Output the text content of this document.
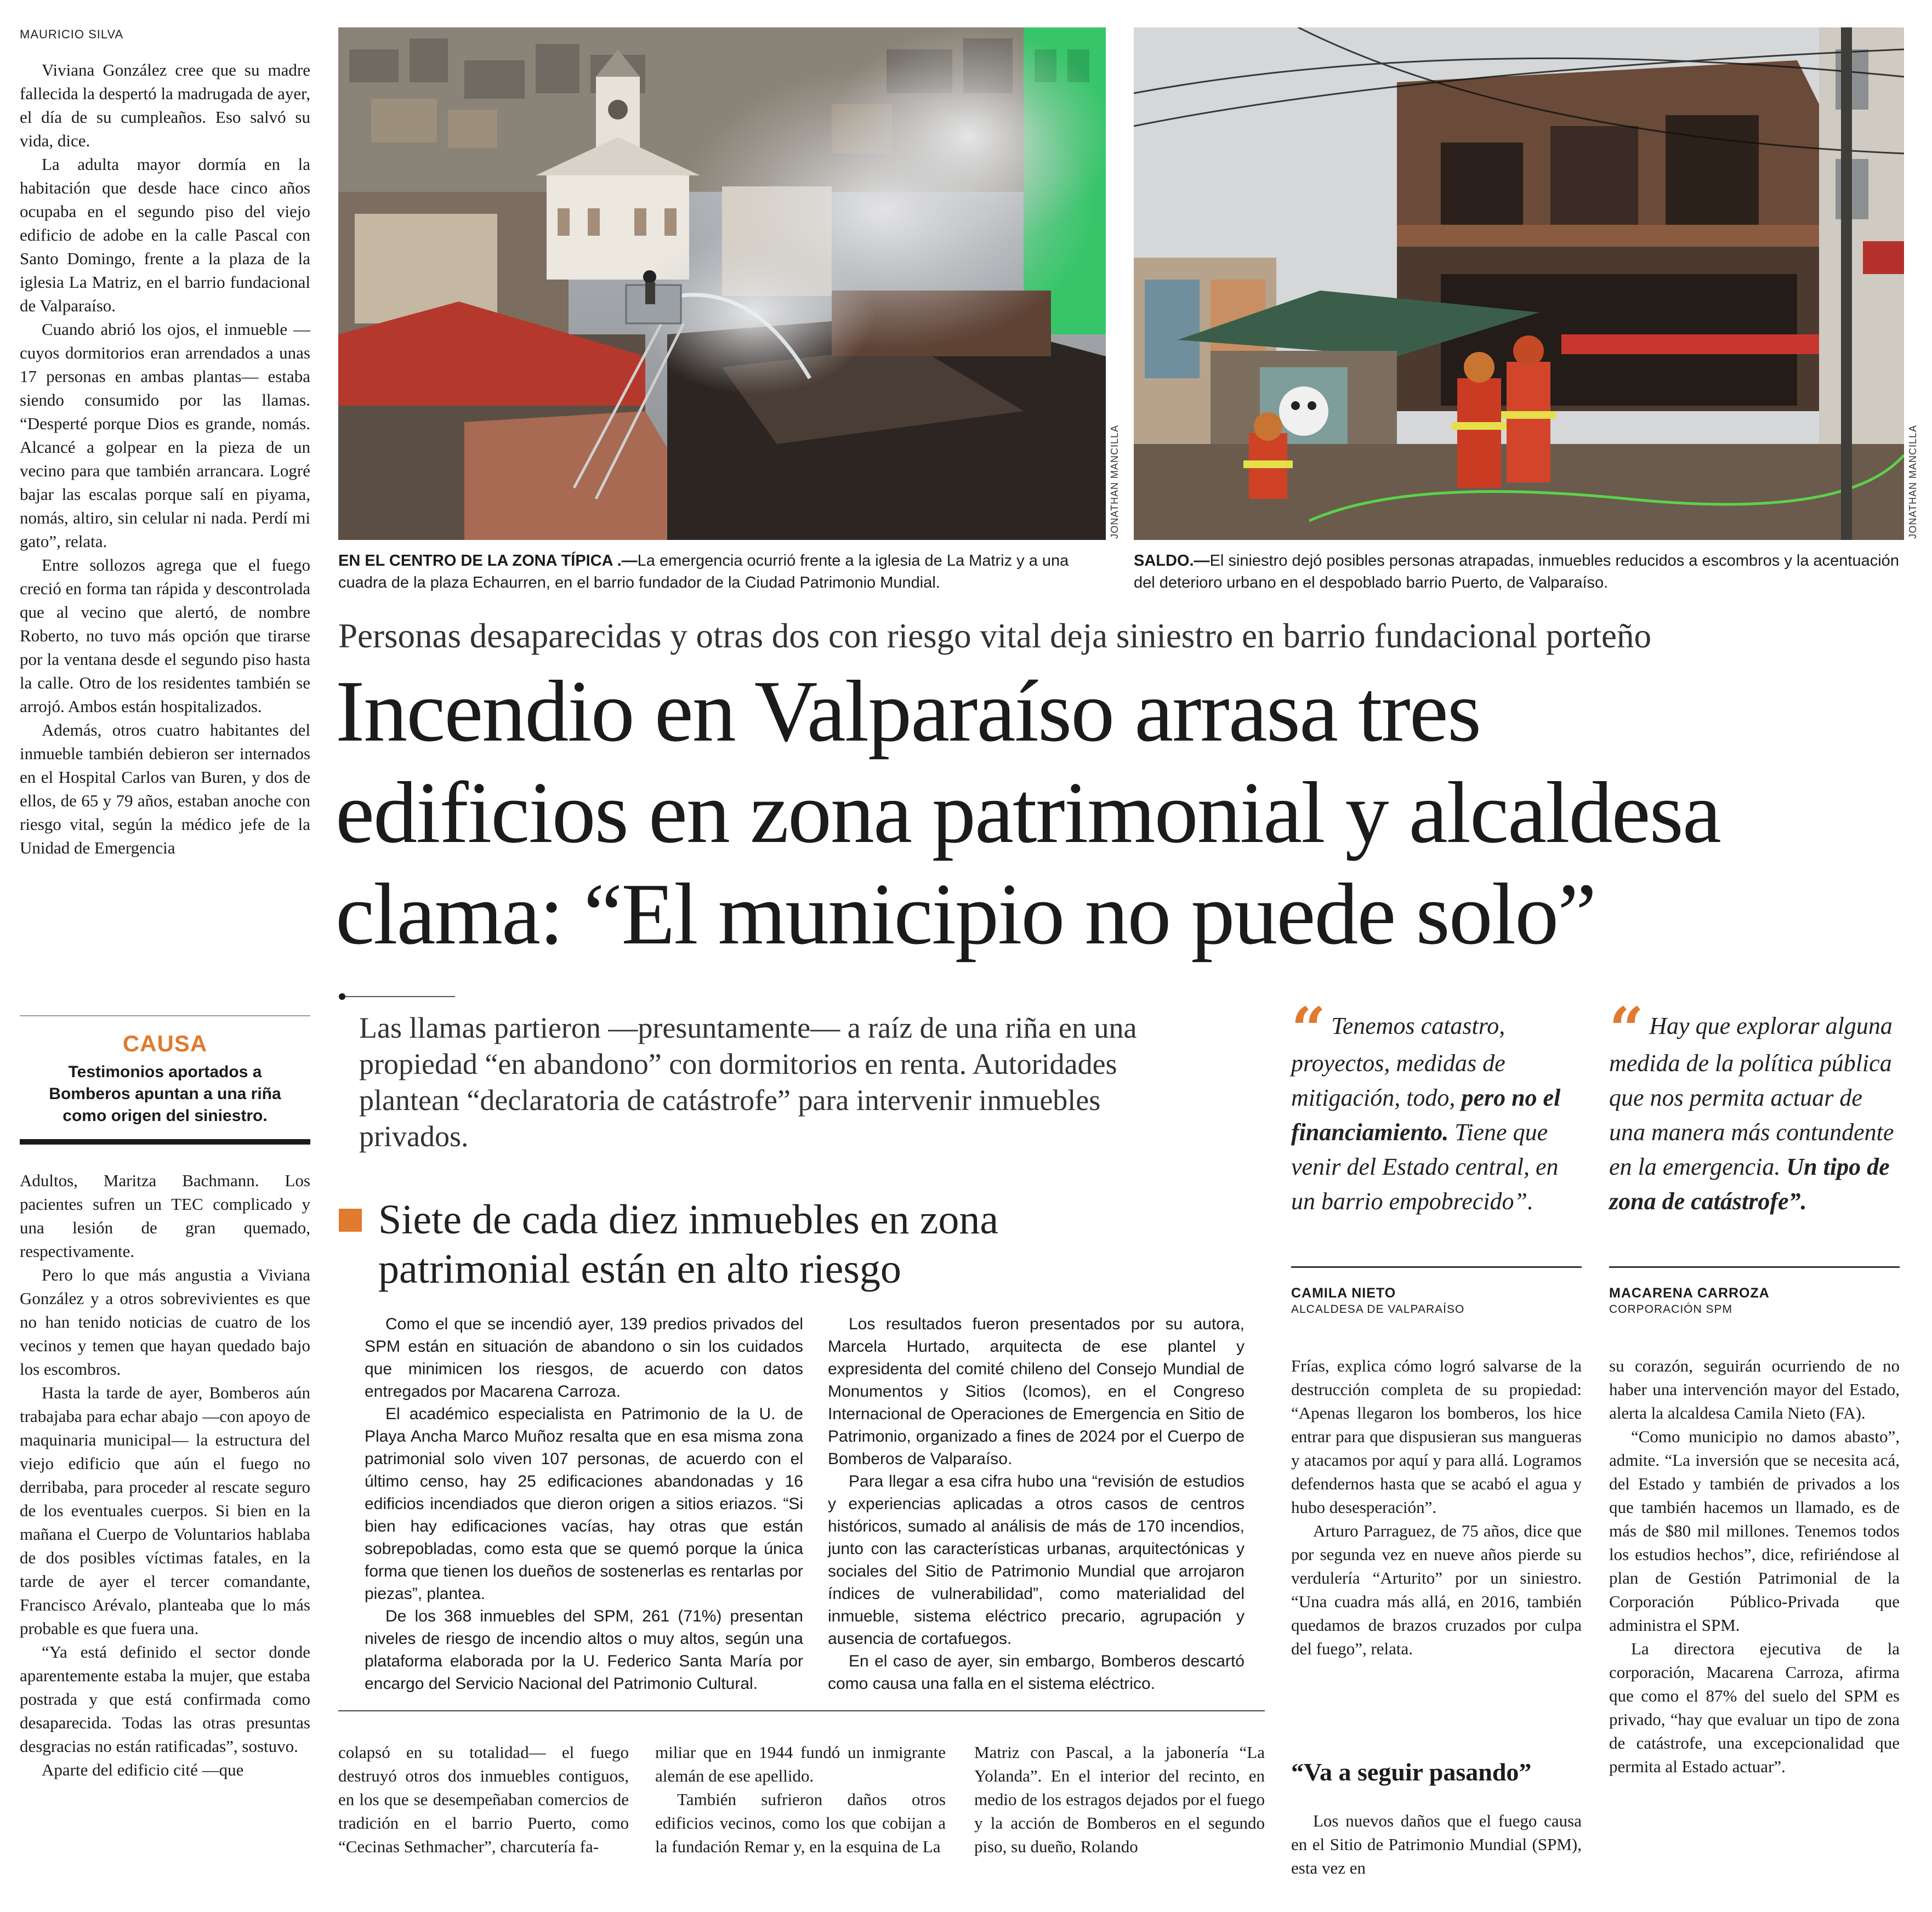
MAURICIO SILVA

Viviana González cree que su madre fallecida la despertó la madrugada de ayer, el día de su cumpleaños. Eso salvó su vida, dice.

La adulta mayor dormía en la habitación que desde hace cinco años ocupaba en el segundo piso del viejo edificio de adobe en la calle Pascal con Santo Domingo, frente a la plaza de la iglesia La Matriz, en el barrio fundacional de Valparaíso.

Cuando abrió los ojos, el inmueble —cuyos dormitorios eran arrendados a unas 17 personas en ambas plantas— estaba siendo consumido por las llamas. “Desperté porque Dios es grande, nomás. Alcancé a golpear en la pieza de un vecino para que también arrancara. Logré bajar las escalas porque salí en piyama, nomás, altiro, sin celular ni nada. Perdí mi gato”, relata.

Entre sollozos agrega que el fuego creció en forma tan rápida y descontrolada que al vecino que alertó, de nombre Roberto, no tuvo más opción que tirarse por la ventana desde el segundo piso hasta la calle. Otro de los residentes también se arrojó. Ambos están hospitalizados.

Además, otros cuatro habitantes del inmueble también debieron ser internados en el Hospital Carlos van Buren, y dos de ellos, de 65 y 79 años, estaban anoche con riesgo vital, según la médico jefe de la Unidad de Emergencia

CAUSA
Testimonios aportados a Bomberos apuntan a una riña como origen del siniestro.

Adultos, Maritza Bachmann. Los pacientes sufren un TEC complicado y una lesión de gran quemado, respectivamente.

Pero lo que más angustia a Viviana González y a otros sobrevivientes es que no han tenido noticias de cuatro de los vecinos y temen que hayan quedado bajo los escombros.

Hasta la tarde de ayer, Bomberos aún trabajaba para echar abajo —con apoyo de maquinaria municipal— la estructura del viejo edificio que aún el fuego no derribaba, para proceder al rescate seguro de los eventuales cuerpos. Si bien en la mañana el Cuerpo de Voluntarios hablaba de dos posibles víctimas fatales, en la tarde de ayer el tercer comandante, Francisco Arévalo, planteaba que lo más probable es que fuera una.

“Ya está definido el sector donde aparentemente estaba la mujer, que estaba postrada y que está confirmada como desaparecida. Todas las otras presuntas desgracias no están ratificadas”, sostuvo.

Aparte del edificio cité —que

JONATHAN MANCILLA
EN EL CENTRO DE LA ZONA TÍPICA .—La emergencia ocurrió frente a la iglesia de La Matriz y a una cuadra de la plaza Echaurren, en el barrio fundador de la Ciudad Patrimonio Mundial.
JONATHAN MANCILLA
SALDO.—El siniestro dejó posibles personas atrapadas, inmuebles reducidos a escombros y la acentuación del deterioro urbano en el despoblado barrio Puerto, de Valparaíso.
Personas desaparecidas y otras dos con riesgo vital deja siniestro en barrio fundacional porteño
Incendio en Valparaíso arrasa tres
edificios en zona patrimonial y alcaldesa
clama: “El municipio no puede solo”
Las llamas partieron —presuntamente— a raíz de una riña en una propiedad “en abandono” con dormitorios en renta. Autoridades plantean “declaratoria de catástrofe” para intervenir inmuebles privados.
Siete de cada diez inmuebles en zona patrimonial están en alto riesgo

Como el que se incendió ayer, 139 predios privados del SPM están en situación de abandono o sin los cuidados que minimicen los riesgos, de acuerdo con datos entregados por Macarena Carroza.

El académico especialista en Patrimonio de la U. de Playa Ancha Marco Muñoz resalta que en esa misma zona patrimonial solo viven 107 personas, de acuerdo con el último censo, hay 25 edificaciones abandonadas y 16 edificios incendiados que dieron origen a sitios eriazos. “Si bien hay edificaciones vacías, hay otras que están sobrepobladas, como esta que se quemó porque la única forma que tienen los dueños de sostenerlas es rentarlas por piezas”, plantea.

De los 368 inmuebles del SPM, 261 (71%) presentan niveles de riesgo de incendio altos o muy altos, según una plataforma elaborada por la U. Federico Santa María por encargo del Servicio Nacional del Patrimonio Cultural.

Los resultados fueron presentados por su autora, Marcela Hurtado, arquitecta de ese plantel y expresidenta del comité chileno del Consejo Mundial de Monumentos y Sitios (Icomos), en el Congreso Internacional de Operaciones de Emergencia en Sitio de Patrimonio, organizado a fines de 2024 por el Cuerpo de Bomberos de Valparaíso.

Para llegar a esa cifra hubo una “revisión de estudios y experiencias aplicadas a otros casos de centros históricos, sumado al análisis de más de 170 incendios, junto con las características urbanas, arquitectónicas y sociales del Sitio de Patrimonio Mundial que arrojaron índices de vulnerabilidad”, como materialidad del inmueble, sistema eléctrico precario, agrupación y ausencia de cortafuegos.

En el caso de ayer, sin embargo, Bomberos descartó como causa una falla en el sistema eléctrico.

colapsó en su totalidad— el fuego destruyó otros dos inmuebles contiguos, en los que se desempeñaban comercios de tradición en el barrio Puerto, como “Cecinas Sethmacher”, charcutería fa-

miliar que en 1944 fundó un inmigrante alemán de ese apellido.

También sufrieron daños otros edificios vecinos, como los que cobijan a la fundación Remar y, en la esquina de La

Matriz con Pascal, a la jabonería “La Yolanda”. En el interior del recinto, en medio de los estragos dejados por el fuego y la acción de Bomberos en el segundo piso, su dueño, Rolando

“ Tenemos catastro, proyectos, medidas de mitigación, todo, pero no el financiamiento. Tiene que venir del Estado central, en un barrio empobrecido”.
CAMILA NIETO
ALCALDESA DE VALPARAÍSO
“ Hay que explorar alguna medida de la política pública que nos permita actuar de una manera más contundente en la emergencia. Un tipo de zona de catástrofe”.
MACARENA CARROZA
CORPORACIÓN SPM

Frías, explica cómo logró salvarse de la destrucción completa de su propiedad: “Apenas llegaron los bomberos, los hice entrar para que dispusieran sus mangueras y atacamos por aquí y para allá. Logramos defendernos hasta que se acabó el agua y hubo desesperación”.

Arturo Parraguez, de 75 años, dice que por segunda vez en nueve años pierde su verdulería “Arturito” por un siniestro. “Una cuadra más allá, en 2016, también quedamos de brazos cruzados por culpa del fuego”, relata.

“Va a seguir pasando”

Los nuevos daños que el fuego causa en el Sitio de Patrimonio Mundial (SPM), esta vez en

su corazón, seguirán ocurriendo de no haber una intervención mayor del Estado, alerta la alcaldesa Camila Nieto (FA).

“Como municipio no damos abasto”, admite. “La inversión que se necesita acá, del Estado y también de privados a los que también hacemos un llamado, es de más de $80 mil millones. Tenemos todos los estudios hechos”, dice, refiriéndose al plan de Gestión Patrimonial de la Corporación Público-Privada que administra el SPM.

La directora ejecutiva de la corporación, Macarena Carroza, afirma que como el 87% del suelo del SPM es privado, “hay que evaluar un tipo de zona de catástrofe, una excepcionalidad que permita al Estado actuar”.
